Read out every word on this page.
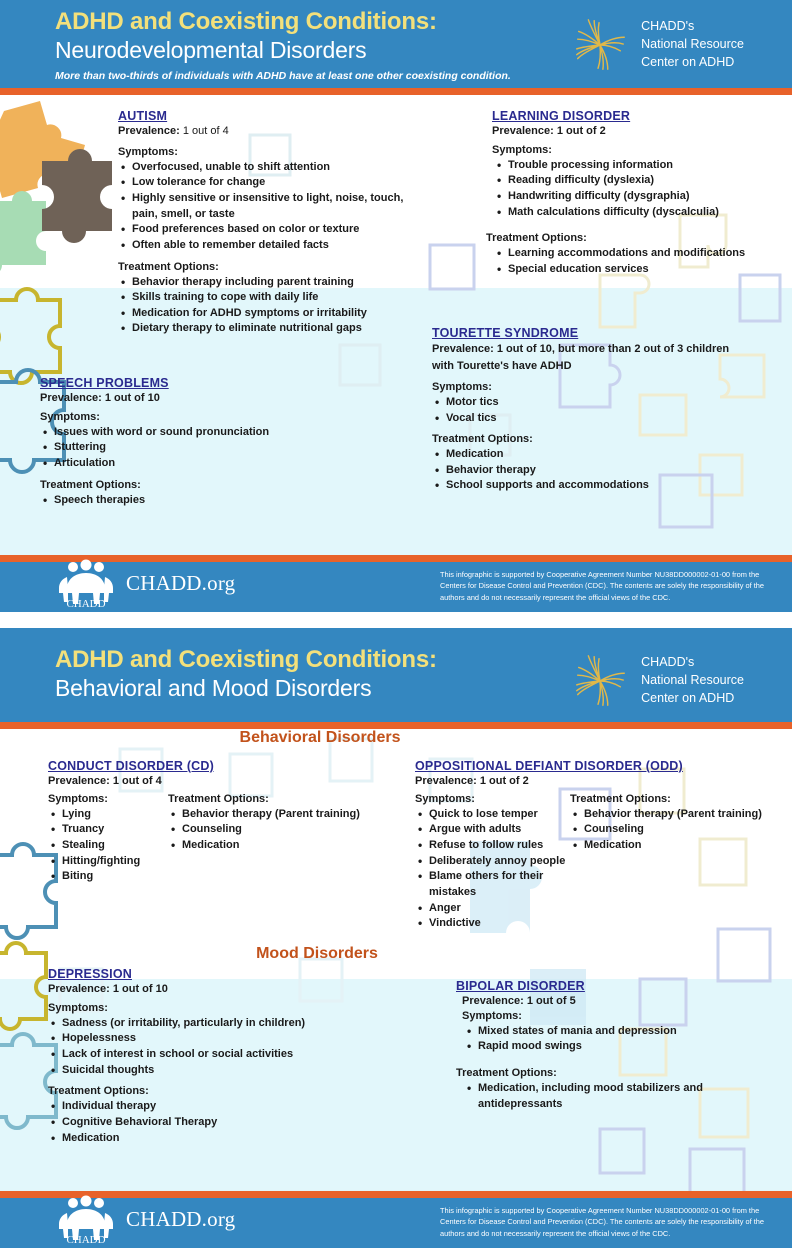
ADHD and Coexisting Conditions:
Neurodevelopmental Disorders
More than two-thirds of individuals with ADHD have at least one other coexisting condition.
CHADD's
National Resource
Center on ADHD
AUTISM
Prevalence: 1 out of 4
Symptoms:
• Overfocused, unable to shift attention
• Low tolerance for change
• Highly sensitive or insensitive to light, noise, touch, pain, smell, or taste
• Food preferences based on color or texture
• Often able to remember detailed facts
Treatment Options:
• Behavior therapy including parent training
• Skills training to cope with daily life
• Medication for ADHD symptoms or irritability
• Dietary therapy to eliminate nutritional gaps
SPEECH PROBLEMS
Prevalence: 1 out of 10
Symptoms:
• Issues with word or sound pronunciation
• Stuttering
• Articulation
Treatment Options:
• Speech therapies
LEARNING DISORDER
Prevalence: 1 out of 2
Symptoms:
• Trouble processing information
• Reading difficulty (dyslexia)
• Handwriting difficulty (dysgraphia)
• Math calculations difficulty (dyscalculia)
Treatment Options:
• Learning accommodations and modifications
• Special education services
TOURETTE SYNDROME
Prevalence: 1 out of 10, but more than 2 out of 3 children with Tourette's have ADHD
Symptoms:
• Motor tics
• Vocal tics
Treatment Options:
• Medication
• Behavior therapy
• School supports and accommodations
CHADD
CHADD.org	This infographic is supported by Cooperative Agreement Number NU38DD000002-01-00 from the Centers for Disease Control and Prevention (CDC). The contents are solely the responsibility of the authors and do not necessarily represent the official views of the CDC.
ADHD and Coexisting Conditions:
Behavioral and Mood Disorders
CHADD's
National Resource
Center on ADHD
Behavioral Disorders
CONDUCT DISORDER (CD)
Prevalence: 1 out of 4
Symptoms:
• Lying
• Truancy
• Stealing
• Hitting/fighting
• Biting
Treatment Options:
• Behavior therapy (Parent training)
• Counseling
• Medication
OPPOSITIONAL DEFIANT DISORDER (ODD)
Prevalence: 1 out of 2
Symptoms:
• Quick to lose temper
• Argue with adults
• Refuse to follow rules
• Deliberately annoy people
• Blame others for their mistakes
• Anger
• Vindictive
Treatment Options:
• Behavior therapy (Parent training)
• Counseling
• Medication
Mood Disorders
DEPRESSION
Prevalence: 1 out of 10
Symptoms:
• Sadness (or irritability, particularly in children)
• Hopelessness
• Lack of interest in school or social activities
• Suicidal thoughts
Treatment Options:
• Individual therapy
• Cognitive Behavioral Therapy
• Medication
BIPOLAR DISORDER
Prevalence: 1 out of 5
Symptoms:
• Mixed states of mania and depression
• Rapid mood swings
Treatment Options:
• Medication, including mood stabilizers and antidepressants
CHADD
CHADD.org	This infographic is supported by Cooperative Agreement Number NU38DD000002-01-00 from the Centers for Disease Control and Prevention (CDC). The contents are solely the responsibility of the authors and do not necessarily represent the official views of the CDC.
